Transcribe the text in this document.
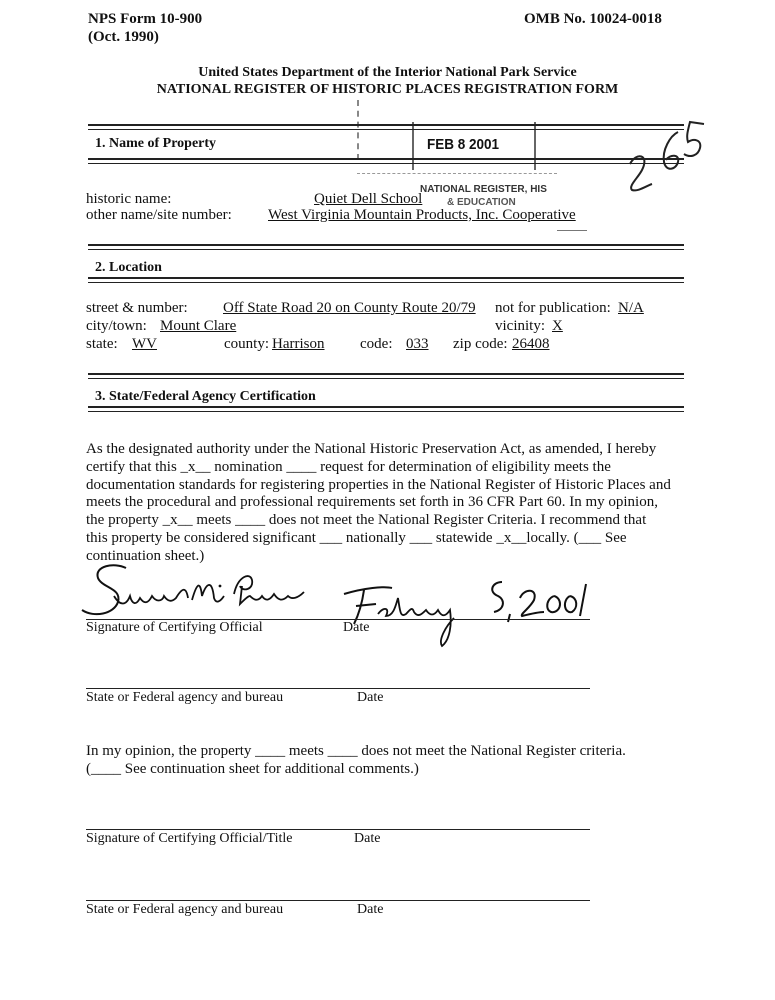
NPS Form 10-900
(Oct. 1990)
OMB No. 10024-0018
United States Department of the Interior National Park Service
NATIONAL REGISTER OF HISTORIC PLACES REGISTRATION FORM
FEB 8 2001
NATIONAL REGISTER, HIS
& EDUCATION
1. Name of Property
historic name:	Quiet Dell School
other name/site number: West Virginia Mountain Products, Inc. Cooperative
2. Location
street & number: Off State Road 20 on County Route 20/79 not for publication: N/A
city/town: Mount Clare	vicinity: X
state: WV	county: Harrison code: 033 zip code: 26408
3. State/Federal Agency Certification
As the designated authority under the National Historic Preservation Act, as amended, I hereby
certify that this _x__ nomination ____ request for determination of eligibility meets the
documentation standards for registering properties in the National Register of Historic Places and
meets the procedural and professional requirements set forth in 36 CFR Part 60. In my opinion,
the property _x__ meets ____ does not meet the National Register Criteria. I recommend that
this property be considered significant ___ nationally ___ statewide _x__locally. (___ See
continuation sheet.)
Signature of Certifying Official	Date
State or Federal agency and bureau	Date
In my opinion, the property ____ meets ____ does not meet the National Register criteria.
(____ See continuation sheet for additional comments.)
Signature of Certifying Official/Title	Date
State or Federal agency and bureau	Date
